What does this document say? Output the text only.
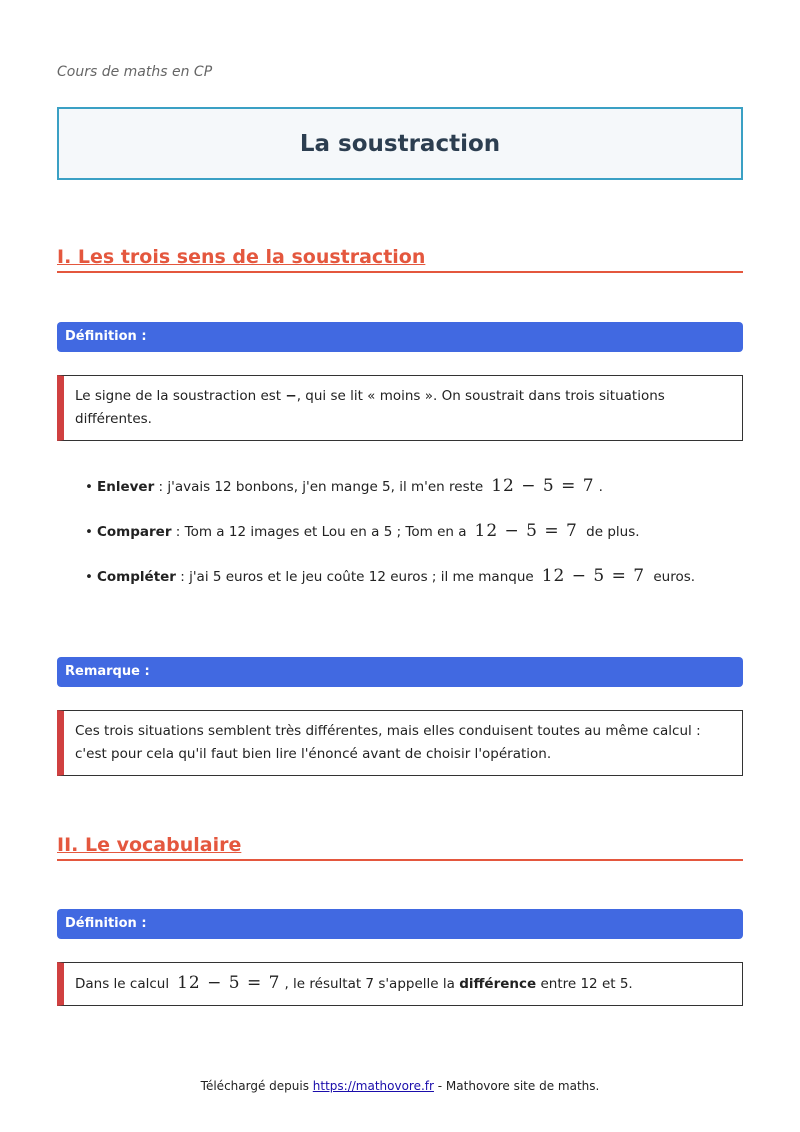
Cours de maths en CP
La soustraction
I. Les trois sens de la soustraction
Définition :
Le signe de la soustraction est −, qui se lit « moins ». On soustrait dans trois situations différentes.
• Enlever : j'avais 12 bonbons, j'en mange 5, il m'en reste 12 − 5 = 7 .
• Comparer : Tom a 12 images et Lou en a 5 ; Tom en a 12 − 5 = 7 de plus.
• Compléter : j'ai 5 euros et le jeu coûte 12 euros ; il me manque 12 − 5 = 7 euros.
Remarque :
Ces trois situations semblent très différentes, mais elles conduisent toutes au même calcul : c'est pour cela qu'il faut bien lire l'énoncé avant de choisir l'opération.
II. Le vocabulaire
Définition :
Dans le calcul 12 − 5 = 7 , le résultat 7 s'appelle la différence entre 12 et 5.
Téléchargé depuis https://mathovore.fr - Mathovore site de maths.
